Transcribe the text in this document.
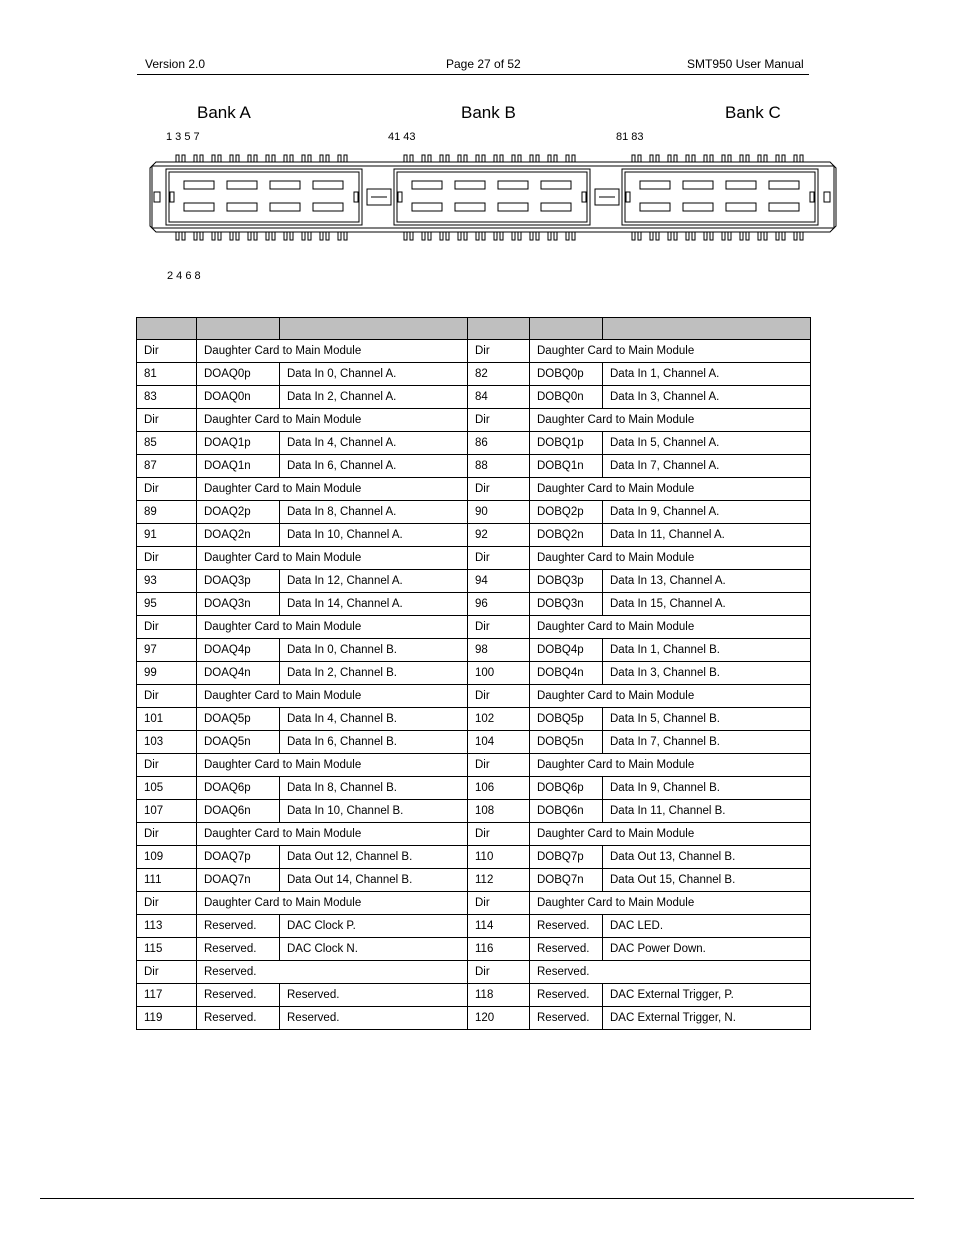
Version 2.0	Page 27 of 52	SMT950 User Manual
Bank A	Bank B	Bank C
1 3 5 7	41 43	81 83
2 4 6 8

Dir	Daughter Card to Main Module		Dir	Daughter Card to Main Module	
81	DOAQ0p	Data In 0, Channel A.	82	DOBQ0p	Data In 1, Channel A.
83	DOAQ0n	Data In 2, Channel A.	84	DOBQ0n	Data In 3, Channel A.
Dir	Daughter Card to Main Module		Dir	Daughter Card to Main Module	
85	DOAQ1p	Data In 4, Channel A.	86	DOBQ1p	Data In 5, Channel A.
87	DOAQ1n	Data In 6, Channel A.	88	DOBQ1n	Data In 7, Channel A.
Dir	Daughter Card to Main Module		Dir	Daughter Card to Main Module	
89	DOAQ2p	Data In 8, Channel A.	90	DOBQ2p	Data In 9, Channel A.
91	DOAQ2n	Data In 10, Channel A.	92	DOBQ2n	Data In 11, Channel A.
Dir	Daughter Card to Main Module		Dir	Daughter Card to Main Module	
93	DOAQ3p	Data In 12, Channel A.	94	DOBQ3p	Data In 13, Channel A.
95	DOAQ3n	Data In 14, Channel A.	96	DOBQ3n	Data In 15, Channel A.
Dir	Daughter Card to Main Module		Dir	Daughter Card to Main Module	
97	DOAQ4p	Data In 0, Channel B.	98	DOBQ4p	Data In 1, Channel B.
99	DOAQ4n	Data In 2, Channel B.	100	DOBQ4n	Data In 3, Channel B.
Dir	Daughter Card to Main Module		Dir	Daughter Card to Main Module	
101	DOAQ5p	Data In 4, Channel B.	102	DOBQ5p	Data In 5, Channel B.
103	DOAQ5n	Data In 6, Channel B.	104	DOBQ5n	Data In 7, Channel B.
Dir	Daughter Card to Main Module		Dir	Daughter Card to Main Module	
105	DOAQ6p	Data In 8, Channel B.	106	DOBQ6p	Data In 9, Channel B.
107	DOAQ6n	Data In 10, Channel B.	108	DOBQ6n	Data In 11, Channel B.
Dir	Daughter Card to Main Module		Dir	Daughter Card to Main Module	
109	DOAQ7p	Data Out 12, Channel B.	110	DOBQ7p	Data Out 13, Channel B.
111	DOAQ7n	Data Out 14, Channel B.	112	DOBQ7n	Data Out 15, Channel B.
Dir	Daughter Card to Main Module		Dir	Daughter Card to Main Module	
113	Reserved.	DAC Clock P.	114	Reserved.	DAC LED.
115	Reserved.	DAC Clock N.	116	Reserved.	DAC Power Down.
Dir	Reserved.		Dir	Reserved.	
117	Reserved.	Reserved.	118	Reserved.	DAC External Trigger, P.
119	Reserved.	Reserved.	120	Reserved.	DAC External Trigger, N.
